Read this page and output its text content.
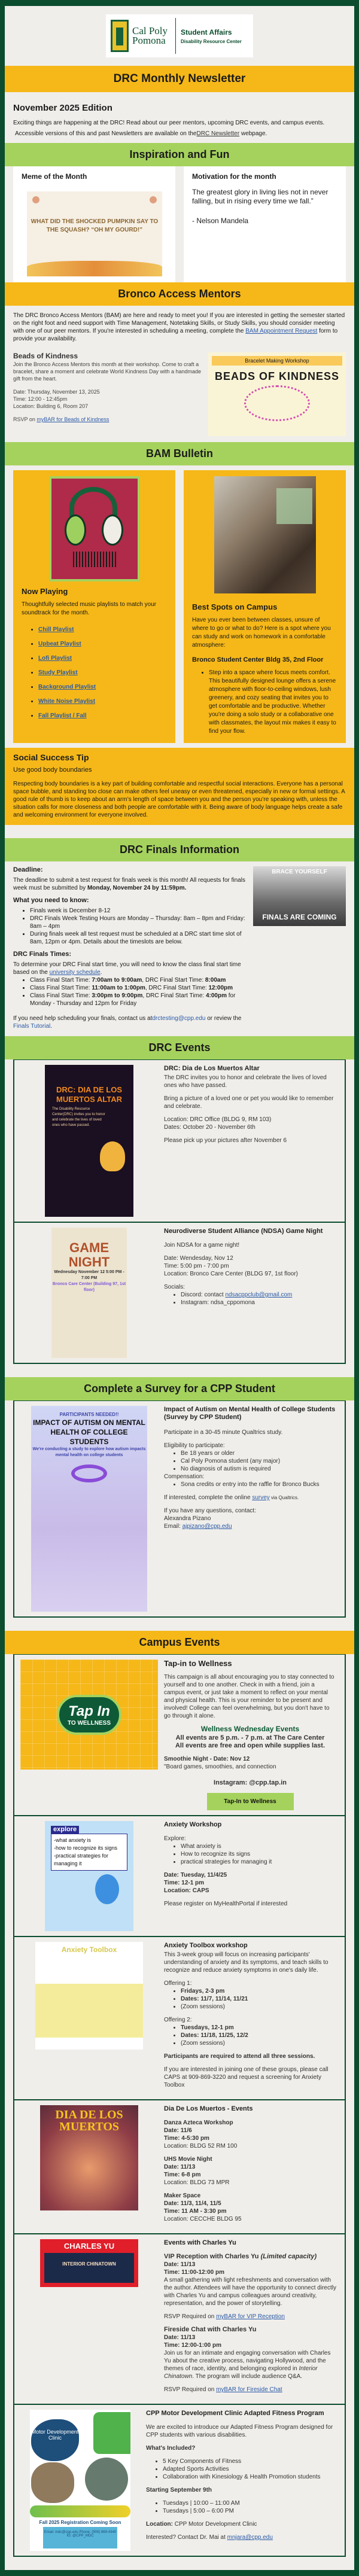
Cal Poly Pomona
Student Affairs
Disability Resource Center
DRC Monthly Newsletter
November 2025 Edition
Exciting things are happening at the DRC! Read about our peer mentors, upcoming DRC events, and campus events.
Accessible versions of this and past Newsletters are available on theDRC Newsletter webpage.
Inspiration and Fun
Meme of the Month
WHAT DID THE SHOCKED PUMPKIN SAY TO THE SQUASH? “OH MY GOURD!”
Motivation for the month

The greatest glory in living lies not in never falling, but in rising every time we fall.”

- Nelson Mandela

Bronco Access Mentors
The DRC Bronco Access Mentors (BAM) are here and ready to meet you! If you are interested in getting the semester started on the right foot and need support with Time Management, Notetaking Skills, or Study Skills, you should consider meeting with one of our peer mentors. If you're interested in scheduling a meeting, complete the BAM Appointment Request form to provide your availability.
Beads of Kindness

Join the Bronco Access Mentors this month at their workshop. Come to craft a bracelet, share a moment and celebrate World Kindness Day with a handmade gift from the heart.

Date: Thursday, November 13, 2025

Time: 12:00 - 12:45pm

Location: Building 6, Room 207

RSVP on myBAR for Beads of Kindness

Bracelet Making Workshop
BEADS OF KINDNESS
BAM Bulletin
Now Playing

Thoughtfully selected music playlists to match your soundtrack for the month.

• Chill Playlist
• Upbeat Playlist
• Lofi Playlist
• Study Playlist
• Background Playlist
• White Noise Playlist
• Fall Playlist / Fall
Best Spots on Campus

Have you ever been between classes, unsure of where to go or what to do? Here is a spot where you can study and work on homework in a comfortable atmosphere:

Bronco Student Center Bldg 35, 2nd Floor

• Step into a space where focus meets comfort. This beautifully designed lounge offers a serene atmosphere with floor-to-ceiling windows, lush greenery, and cozy seating that invites you to get comfortable and be productive. Whether you're doing a solo study or a collaborative one with classmates, the layout mix makes it easy to find your flow.
Social Success Tip

Use good body boundaries

Respecting body boundaries is a key part of building comfortable and respectful social interactions. Everyone has a personal space bubble, and standing too close can make others feel uneasy or even threatened, especially in new or formal settings. A good rule of thumb is to keep about an arm’s length of space between you and the person you’re speaking with, unless the situation calls for more closeness and both people are comfortable with it. Being aware of body language helps create a safe and welcoming environment for everyone involved.

DRC Finals Information
Deadline:

The deadline to submit a test request for finals week is this month! All requests for finals week must be submitted by Monday, November 24 by 11:59pm.

What you need to know:
• Finals week is December 8-12
• DRC Finals Week Testing Hours are Monday – Thursday: 8am – 8pm and Friday: 8am – 4pm
• During finals week all test request must be scheduled at a DRC start time slot of 8am, 12pm or 4pm. Details about the timeslots are below.
DRC Finals Times:

To determine your DRC Final start time, you will need to know the class final start time based on the university schedule.

• Class Final Start Time: 7:00am to 9:00am, DRC Final Start Time: 8:00am
• Class Final Start Time: 11:00am to 1:00pm, DRC Final Start Time: 12:00pm
• Class Final Start Time: 3:00pm to 9:00pm, DRC Final Start Time: 4:00pm for Monday - Thursday and 12pm for Friday

If you need help scheduling your finals, contact us atdrctesting@cpp.edu or review the Finals Tutorial.

BRACE YOURSELF
FINALS ARE COMING
DRC Events
DRC: DIA DE LOS MUERTOS ALTAR
The Disability Resource Center(DRC) invites you to honor and celebrate the lives of loved ones who have passed.
DRC: Dia de Los Muertos Altar

The DRC invites you to honor and celebrate the lives of loved ones who have passed.

Bring a picture of a loved one or pet you would like to remember and celebrate.

Location: DRC Office (BLDG 9, RM 103)

Dates: October 20 - November 6th

Please pick up your pictures after November 6

GAME NIGHT
Wednesday November 12 5:00 PM - 7:00 PM
Bronco Care Center (Building 97, 1st floor)
Neurodiverse Student Alliance (NDSA) Game Night

Join NDSA for a game night!

Date: Wendesday, Nov 12

Time: 5:00 pm - 7:00 pm

Location: Bronco Care Center (BLDG 97, 1st floor)

Socials:

• Discord: contact ndsacppclub@gmail.com
• Instagram: ndsa_cppomona
Complete a Survey for a CPP Student
PARTICIPANTS NEEDED!!
IMPACT OF AUTISM ON MENTAL HEALTH OF COLLEGE STUDENTS
We're conducting a study to explore how autism impacts mental health on college students
Impact of Autism on Mental Health of College Students (Survey by CPP Student)

Participate in a 30-45 minute Qualtrics study.

Eligibility to participate:

• Be 18 years or older
• Cal Poly Pomona student (any major)
• No diagnosis of autism is required

Compensation:

• Sona credits or entry into the raffle for Bronco Bucks

If interested, complete the online survey via Qualtrics.

If you have any questions, contact:

Alexandra Pizano

Email: ajpizano@cpp.edu

Campus Events
Tap In
TO WELLNESS
Tap-in to Wellness

This campaign is all about encouraging you to stay connected to yourself and to one another. Check in with a friend, join a campus event, or just take a moment to reflect on your mental and physical health. This is your reminder to be present and involved! College can feel overwhelming, but you don't have to go through it alone.

Wellness Wednesday Events

All events are 5 p.m. - 7 p.m. at The Care Center

All events are free and open while supplies last.

Smoothie Night - Date: Nov 12

"Board games, smoothies, and connection

Instagram: @cpp.tap.in

Tap-In to Wellness
explore
-what anxiety is
-how to recognize its signs
-practical strategies for managing it
Anxiety Workshop

Explore:

• What anxiety is
• How to recognize its signs
• practical strategies for managing it

Date: Tuesday, 11/4/25

Time: 12-1 pm

Location: CAPS

Please register on MyHealthPortal if interested

Anxiety Toolbox	Anxiety Toolbox workshop

This 3-week group will focus on increasing participants' understanding of anxiety and its symptoms, and teach skills to recognize and reduce anxiety symptoms in one's daily life.

Offering 1:

• Fridays, 2-3 pm
• Dates: 11/7, 11/14, 11/21
• (Zoom sessions)

Offering 2:

• Tuesdays, 12-1 pm
• Dates: 11/18, 11/25, 12/2
• (Zoom sessions)

Participants are required to attend all three sessions.

If you are interested in joining one of these groups, please call CAPS at 909-869-3220 and request a screening for Anxiety Toolbox

DIA DE LOS MUERTOS
Dia De Los Muertos - Events

Danza Azteca Workshop

Date: 11/6

Time: 4-5:30 pm

Location: BLDG 52 RM 100

UHS Movie Night

Date: 11/13

Time: 6-8 pm

Location: BLDG 73 MPR

Maker Space

Date: 11/3, 11/4, 11/5

Time: 11 AM - 3:30 pm

Location: CECCHE BLDG 95

CHARLES YU
INTERIOR CHINATOWN
Events with Charles Yu

VIP Reception with Charles Yu (Limited capacity)

Date: 11/13

Time: 11:00-12:00 pm

A small gathering with light refreshments and conversation with the author. Attendees will have the opportunity to connect directly with Charles Yu and campus colleagues around creativity, representation, and the power of storytelling.

RSVP Required on myBAR for VIP Reception

Fireside Chat with Charles Yu

Date: 11/13

Time: 12:00-1:00 pm

Join us for an intimate and engaging conversation with Charles Yu about the creative process, navigating Hollywood, and the themes of race, identity, and belonging explored in Interior Chinatown. The program will include audience Q&A.

RSVP Required on myBAR for Fireside Chat

Motor Development Clinic
Fall 2025 Registration Coming Soon
Email: mdc@cpp.edu Phone: (909) 869-4340 IG: @CPP_MDC
CPP Motor Development Clinic Adapted Fitness Program

We are excited to introduce our Adapted Fitness Program designed for CPP students with various disabilities.

What's Included?

• 5 Key Components of Fitness
• Adapted Sports Activities
• Collaboration with Kinesiology & Health Promotion students

Starting September 9th

• Tuesdays | 10:00 – 11:00 AM
• Tuesdays | 5:00 – 6:00 PM

Location: CPP Motor Development Clinic

Interested? Contact Dr. Mai at mnjara@cpp.edu
